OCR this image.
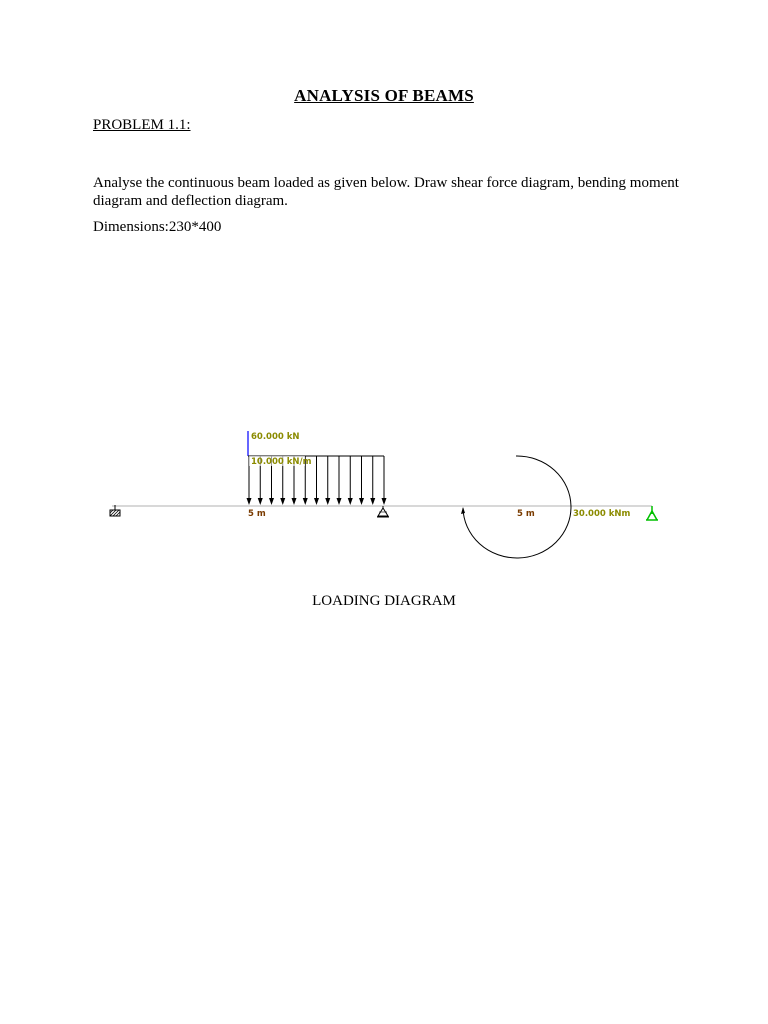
ANALYSIS OF BEAMS
PROBLEM 1.1:
Analyse the continuous beam loaded as given below. Draw shear force diagram, bending moment diagram and deflection diagram.
Dimensions:230*400
60.000 kN
10.000 kN/m
5 m	5 m	30.000 kNm
LOADING DIAGRAM
